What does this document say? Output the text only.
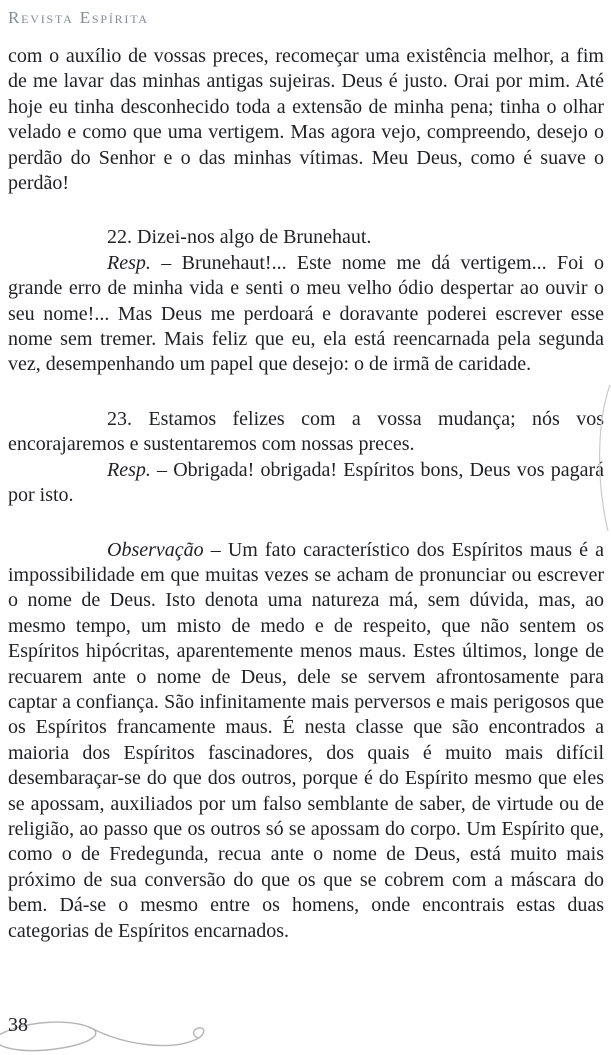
Revista Espírita

com o auxílio de vossas preces, recomeçar uma existência melhor, a fim de me lavar das minhas antigas sujeiras. Deus é justo. Orai por mim. Até hoje eu tinha desconhecido toda a extensão de minha pena; tinha o olhar velado e como que uma vertigem. Mas agora vejo, compreendo, desejo o perdão do Senhor e o das minhas vítimas. Meu Deus, como é suave o perdão!

22. Dizei-nos algo de Brunehaut.

Resp. – Brunehaut!... Este nome me dá vertigem... Foi o grande erro de minha vida e senti o meu velho ódio despertar ao ouvir o seu nome!... Mas Deus me perdoará e doravante poderei escrever esse nome sem tremer. Mais feliz que eu, ela está reencarnada pela segunda vez, desempenhando um papel que desejo: o de irmã de caridade.

23. Estamos felizes com a vossa mudança; nós vos encorajaremos e sustentaremos com nossas preces.

Resp. – Obrigada! obrigada! Espíritos bons, Deus vos pagará por isto.

Observação – Um fato característico dos Espíritos maus é a impossibilidade em que muitas vezes se acham de pronunciar ou escrever o nome de Deus. Isto denota uma natureza má, sem dúvida, mas, ao mesmo tempo, um misto de medo e de respeito, que não sentem os Espíritos hipócritas, aparentemente menos maus. Estes últimos, longe de recuarem ante o nome de Deus, dele se servem afrontosamente para captar a confiança. São infinitamente mais perversos e mais perigosos que os Espíritos francamente maus. É nesta classe que são encontrados a maioria dos Espíritos fascinadores, dos quais é muito mais difícil desembaraçar-se do que dos outros, porque é do Espírito mesmo que eles se apossam, auxiliados por um falso semblante de saber, de virtude ou de religião, ao passo que os outros só se apossam do corpo. Um Espírito que, como o de Fredegunda, recua ante o nome de Deus, está muito mais próximo de sua conversão do que os que se cobrem com a máscara do bem. Dá-se o mesmo entre os homens, onde encontrais estas duas categorias de Espíritos encarnados.

38
